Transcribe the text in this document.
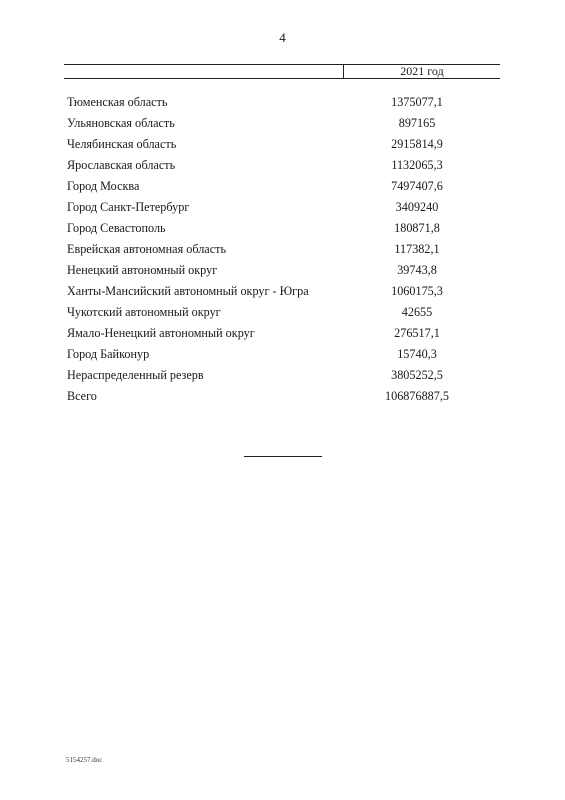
4
2021 год
Тюменская область	1375077,1
Ульяновская область	897165
Челябинская область	2915814,9
Ярославская область	1132065,3
Город Москва	7497407,6
Город Санкт-Петербург	3409240
Город Севастополь	180871,8
Еврейская автономная область	117382,1
Ненецкий автономный округ	39743,8
Ханты-Мансийский автономный округ - Югра	1060175,3
Чукотский автономный округ	42655
Ямало-Ненецкий автономный округ	276517,1
Город Байконур	15740,3
Нераспределенный резерв	3805252,5
Всего	106876887,5
5154257.doc
